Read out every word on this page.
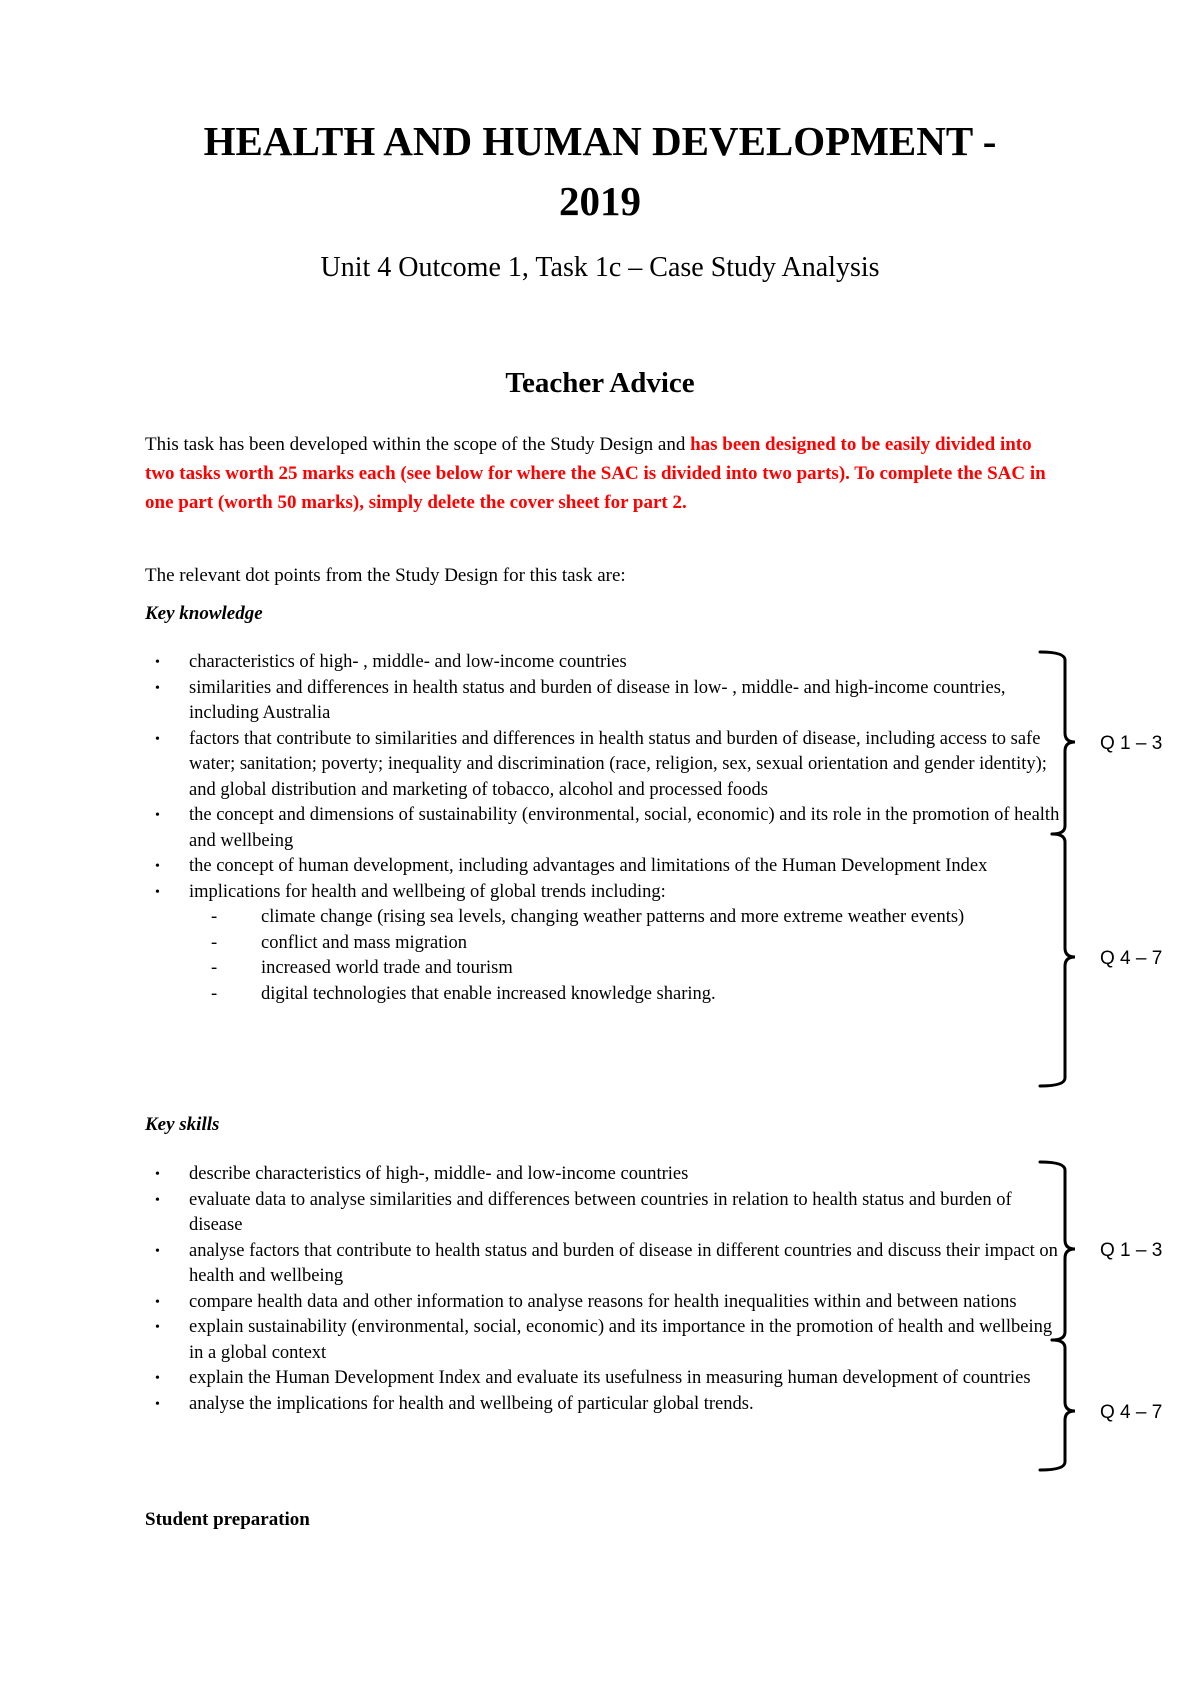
HEALTH AND HUMAN DEVELOPMENT -
2019
Unit 4 Outcome 1, Task 1c – Case Study Analysis
Teacher Advice
This task has been developed within the scope of the Study Design and has been designed to be easily divided into two tasks worth 25 marks each (see below for where the SAC is divided into two parts). To complete the SAC in one part (worth 50 marks), simply delete the cover sheet for part 2.
The relevant dot points from the Study Design for this task are:
Key knowledge
• characteristics of high- , middle- and low-income countries
• similarities and differences in health status and burden of disease in low- , middle- and high-income countries, including Australia
• factors that contribute to similarities and differences in health status and burden of disease, including access to safe water; sanitation; poverty; inequality and discrimination (race, religion, sex, sexual orientation and gender identity); and global distribution and marketing of tobacco, alcohol and processed foods
• the concept and dimensions of sustainability (environmental, social, economic) and its role in the promotion of health and wellbeing
• the concept of human development, including advantages and limitations of the Human Development Index
• implications for health and wellbeing of global trends including:
- climate change (rising sea levels, changing weather patterns and more extreme weather events)
- conflict and mass migration
- increased world trade and tourism
- digital technologies that enable increased knowledge sharing.
Key skills
• describe characteristics of high-, middle- and low-income countries
• evaluate data to analyse similarities and differences between countries in relation to health status and burden of disease
• analyse factors that contribute to health status and burden of disease in different countries and discuss their impact on health and wellbeing
• compare health data and other information to analyse reasons for health inequalities within and between nations
• explain sustainability (environmental, social, economic) and its importance in the promotion of health and wellbeing in a global context
• explain the Human Development Index and evaluate its usefulness in measuring human development of countries
• analyse the implications for health and wellbeing of particular global trends.
Q 1 – 3
Q 4 – 7
Q 1 – 3
Q 4 – 7
Student preparation
